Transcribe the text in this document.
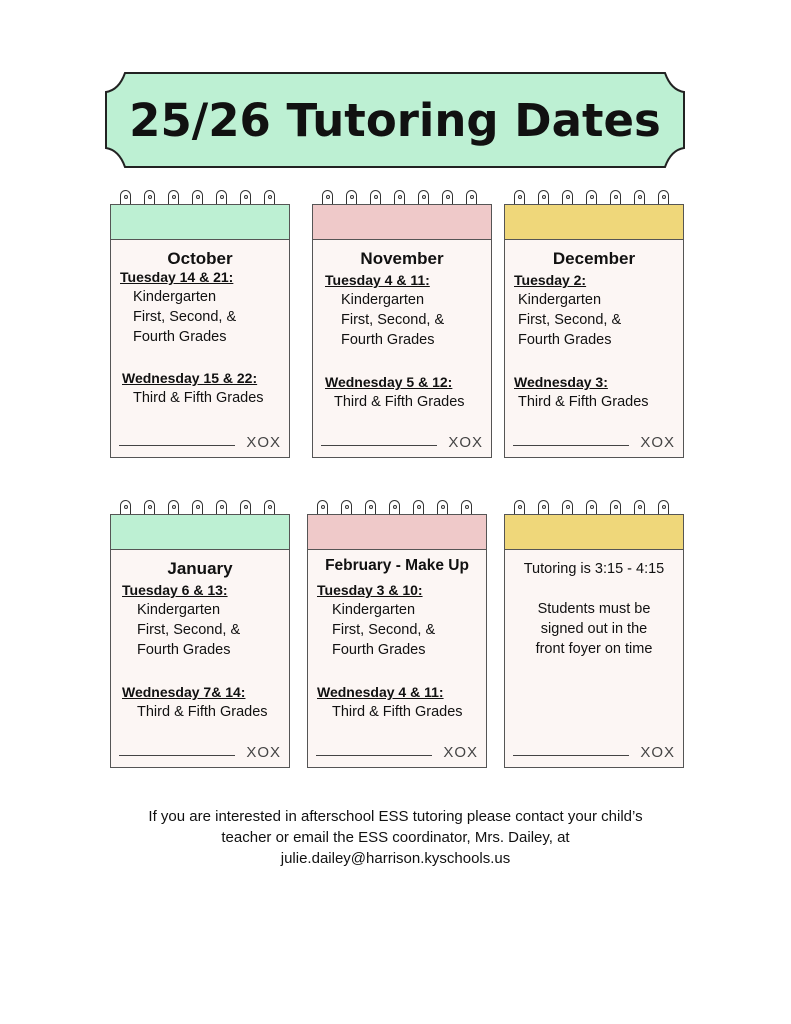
25/26 Tutoring Dates
October
Tuesday 14 & 21:
Kindergarten
First, Second, &
Fourth Grades
Wednesday 15 & 22:
Third & Fifth Grades
XOX
November
Tuesday 4 & 11:
Kindergarten
First, Second, &
Fourth Grades
Wednesday 5 & 12:
Third & Fifth Grades
XOX
December
Tuesday 2:
Kindergarten
First, Second, &
Fourth Grades
Wednesday 3:
Third & Fifth Grades
XOX
January
Tuesday 6 & 13:
Kindergarten
First, Second, &
Fourth Grades
Wednesday 7& 14:
Third & Fifth Grades
XOX
February - Make Up
Tuesday 3 & 10:
Kindergarten
First, Second, &
Fourth Grades
Wednesday 4 & 11:
Third & Fifth Grades
XOX
Tutoring is 3:15 - 4:15
Students must be
signed out in the
front foyer on time
XOX
If you are interested in afterschool ESS tutoring please contact your child’s
teacher or email the ESS coordinator, Mrs. Dailey, at
julie.dailey@harrison.kyschools.us
